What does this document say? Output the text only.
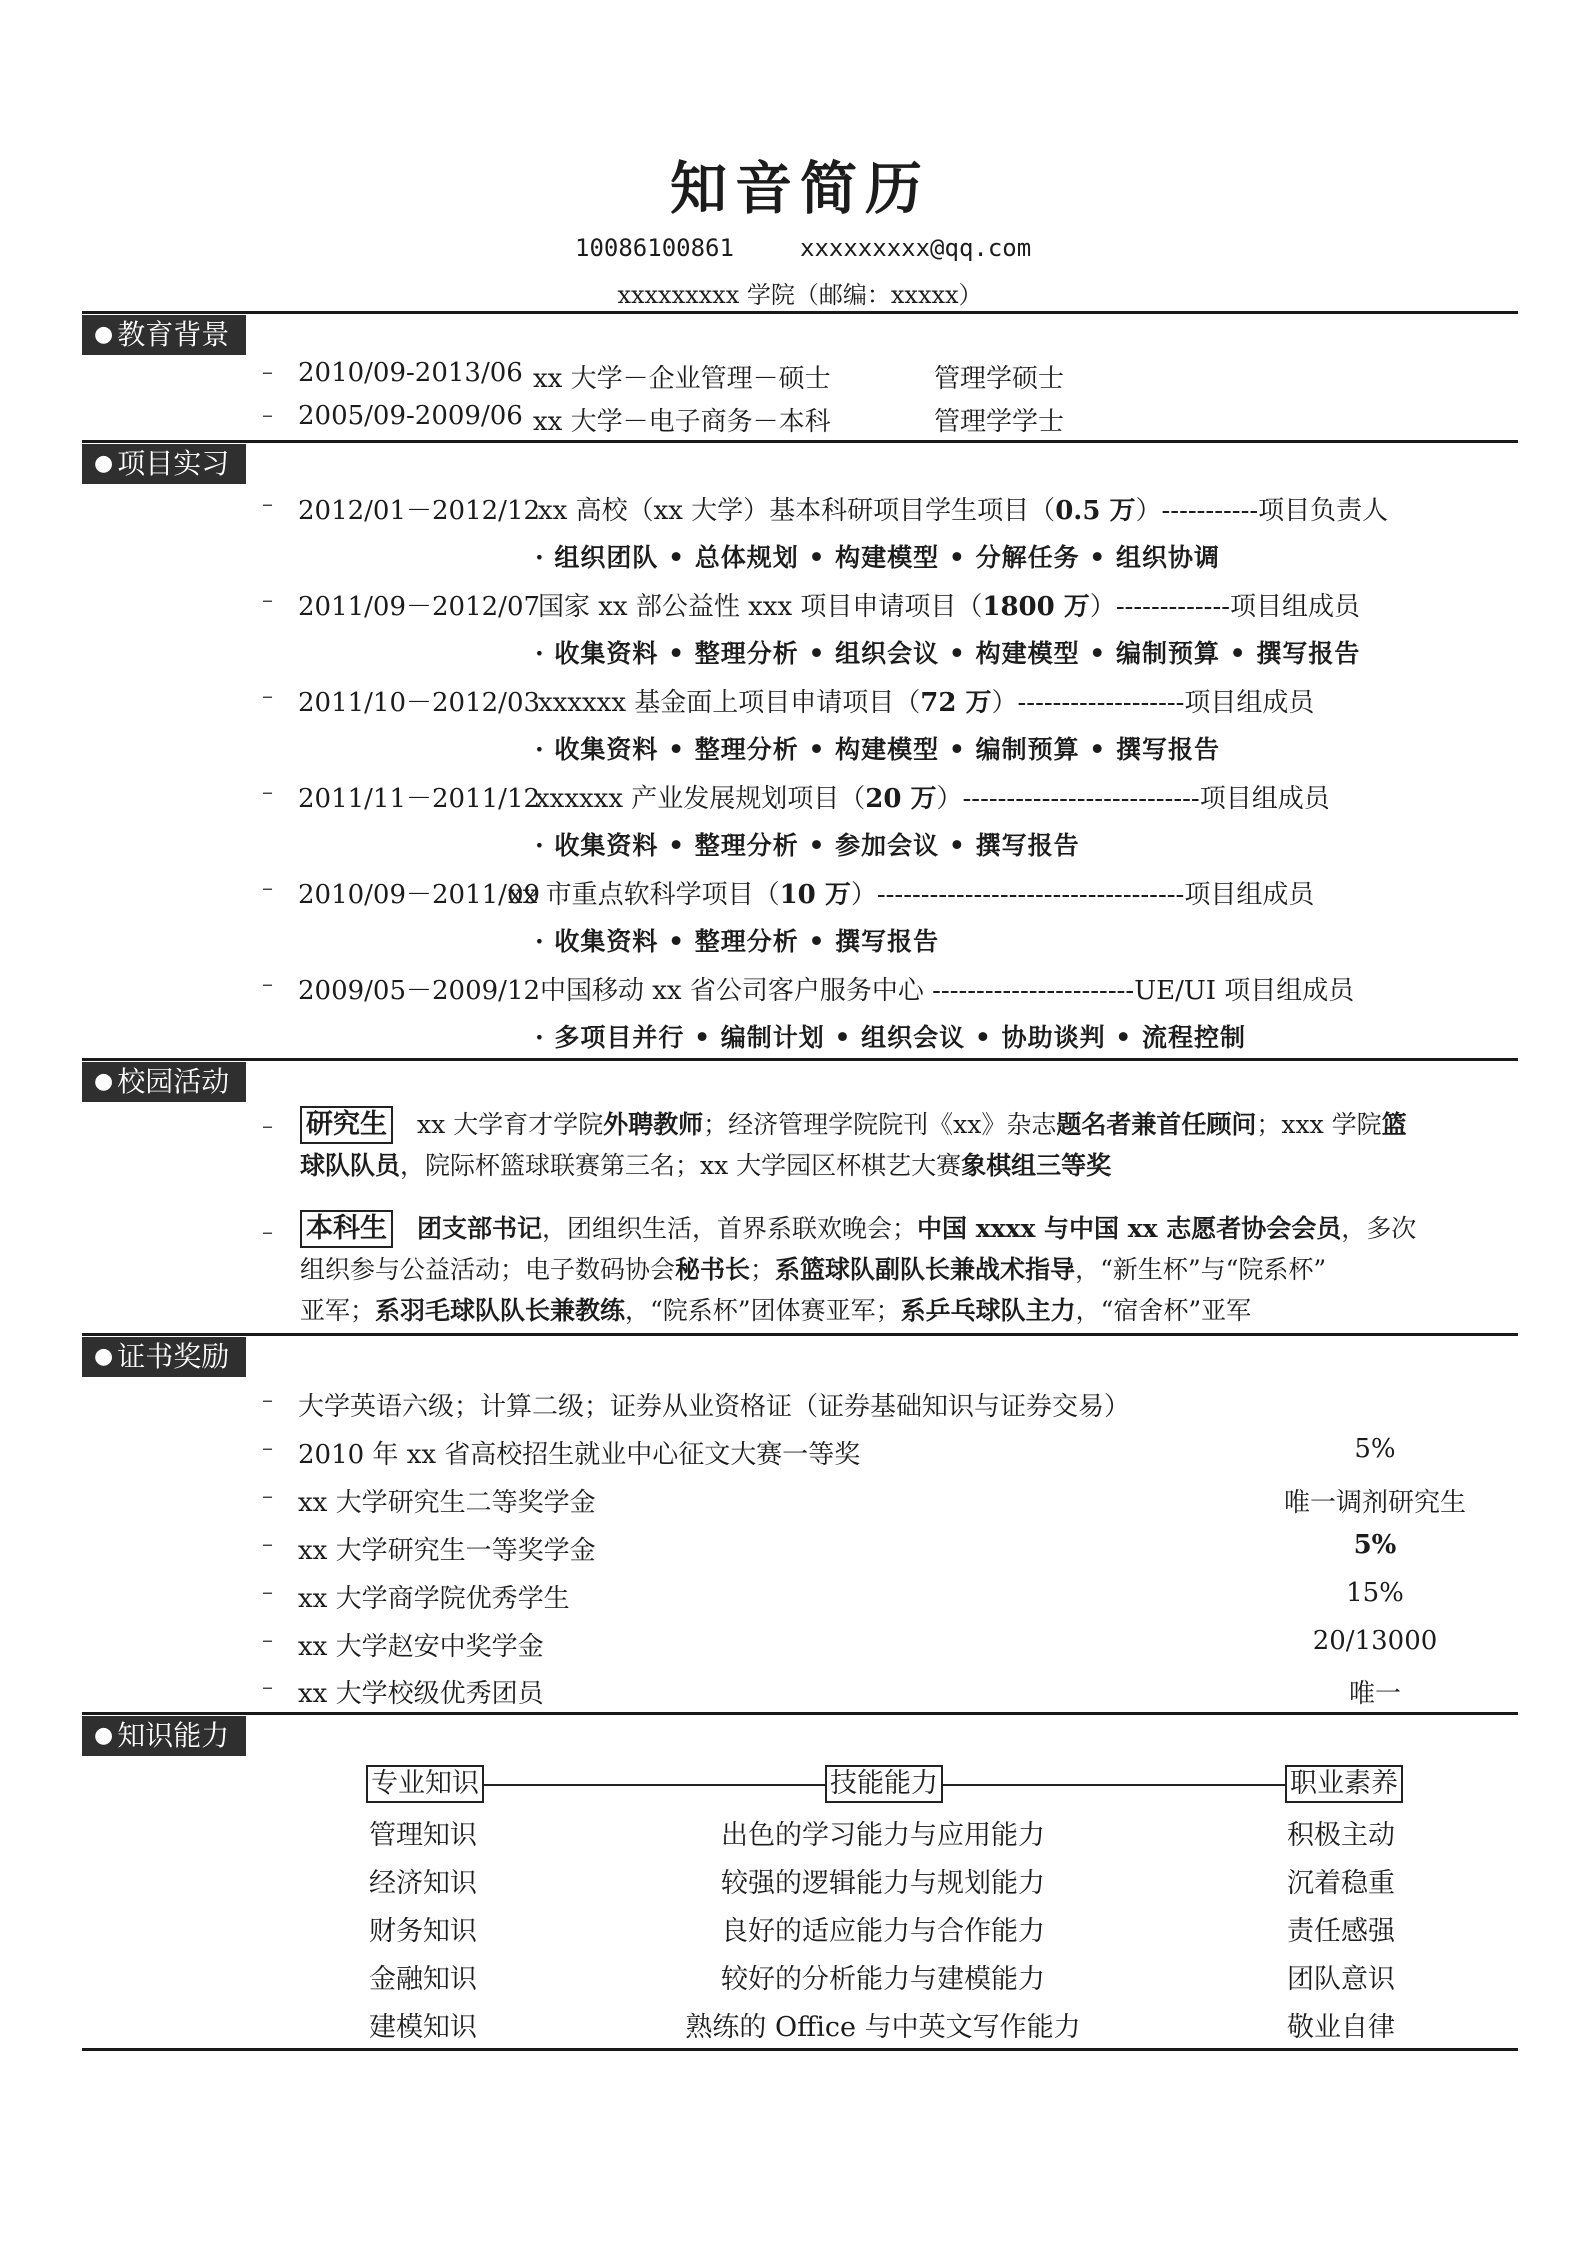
知音简历
10086100861	xxxxxxxxx@qq.com
xxxxxxxxx 学院（邮编：xxxxx）
● 教育背景
– 2010/09-2013/06 xx 大学－企业管理－硕士	管理学硕士
– 2005/09-2009/06 xx 大学－电子商务－本科	管理学学士
● 项目实习
– 2012/01－2012/12
xx 高校（xx 大学）基本科研项目学生项目（0.5 万）-----------项目负责人
· 组织团队 • 总体规划 • 构建模型 • 分解任务 • 组织协调
– 2011/09－2012/07
国家 xx 部公益性 xxx 项目申请项目（1800 万）-------------项目组成员
· 收集资料 • 整理分析 • 组织会议 • 构建模型 • 编制预算 • 撰写报告
– 2011/10－2012/03
xxxxxx 基金面上项目申请项目（72 万）-------------------项目组成员
· 收集资料 • 整理分析 • 构建模型 • 编制预算 • 撰写报告
– 2011/11－2011/12
xxxxxx 产业发展规划项目（20 万）---------------------------项目组成员
· 收集资料 • 整理分析 • 参加会议 • 撰写报告
– 2010/09－2011/09
xx 市重点软科学项目（10 万）-----------------------------------项目组成员
· 收集资料 • 整理分析 • 撰写报告
– 2009/05－2009/12 中国移动 xx 省公司客户服务中心 -----------------------UE/UI 项目组成员
· 多项目并行 • 编制计划 • 组织会议 • 协助谈判 • 流程控制
● 校园活动
– 研究生 xx 大学育才学院外聘教师；经济管理学院院刊《xx》杂志题名者兼首任顾问；xxx 学院篮
球队队员，院际杯篮球联赛第三名；xx 大学园区杯棋艺大赛象棋组三等奖
– 本科生 团支部书记，团组织生活，首界系联欢晚会；中国 xxxx 与中国 xx 志愿者协会会员，多次
组织参与公益活动；电子数码协会秘书长；系篮球队副队长兼战术指导，“新生杯”与“院系杯”
亚军；系羽毛球队队长兼教练，“院系杯”团体赛亚军；系乒乓球队主力，“宿舍杯”亚军
● 证书奖励
– 大学英语六级；计算二级；证券从业资格证（证券基础知识与证券交易）
– 2010 年 xx 省高校招生就业中心征文大赛一等奖	5%
– xx 大学研究生二等奖学金	唯一调剂研究生
– xx 大学研究生一等奖学金	5%
– xx 大学商学院优秀学生	15%
– xx 大学赵安中奖学金	20/13000
– xx 大学校级优秀团员	唯一
● 知识能力
专业知识	技能能力	职业素养
管理知识	出色的学习能力与应用能力	积极主动
经济知识	较强的逻辑能力与规划能力	沉着稳重
财务知识	良好的适应能力与合作能力	责任感强
金融知识	较好的分析能力与建模能力	团队意识
建模知识	熟练的 Office 与中英文写作能力	敬业自律
